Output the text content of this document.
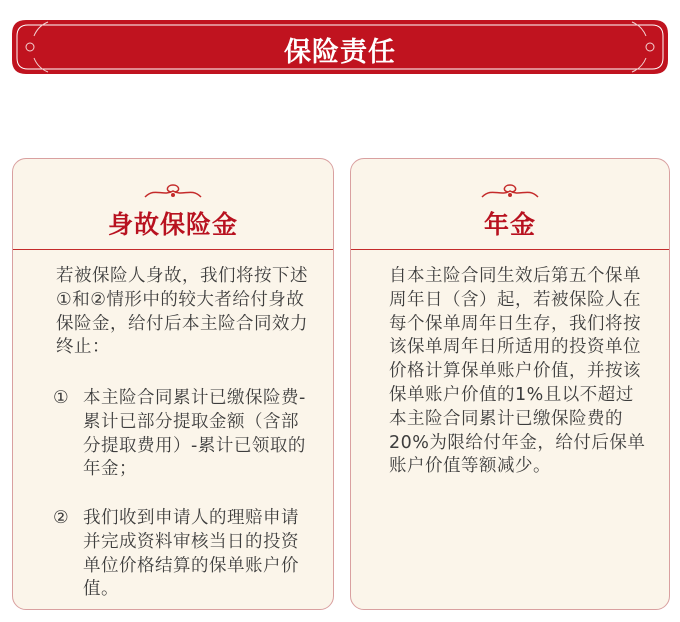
保险责任
身故保险金
若被保险人身故，我们将按下述①和②情形中的较大者给付身故保险金，给付后本主险合同效力终止：
① 本主险合同累计已缴保险费-累计已部分提取金额（含部分提取费用）-累计已领取的年金；
② 我们收到申请人的理赔申请并完成资料审核当日的投资单位价格结算的保单账户价值。
年金
自本主险合同生效后第五个保单周年日（含）起，若被保险人在每个保单周年日生存，我们将按该保单周年日所适用的投资单位价格计算保单账户价值，并按该保单账户价值的1%且以不超过本主险合同累计已缴保险费的20%为限给付年金，给付后保单账户价值等额减少。
